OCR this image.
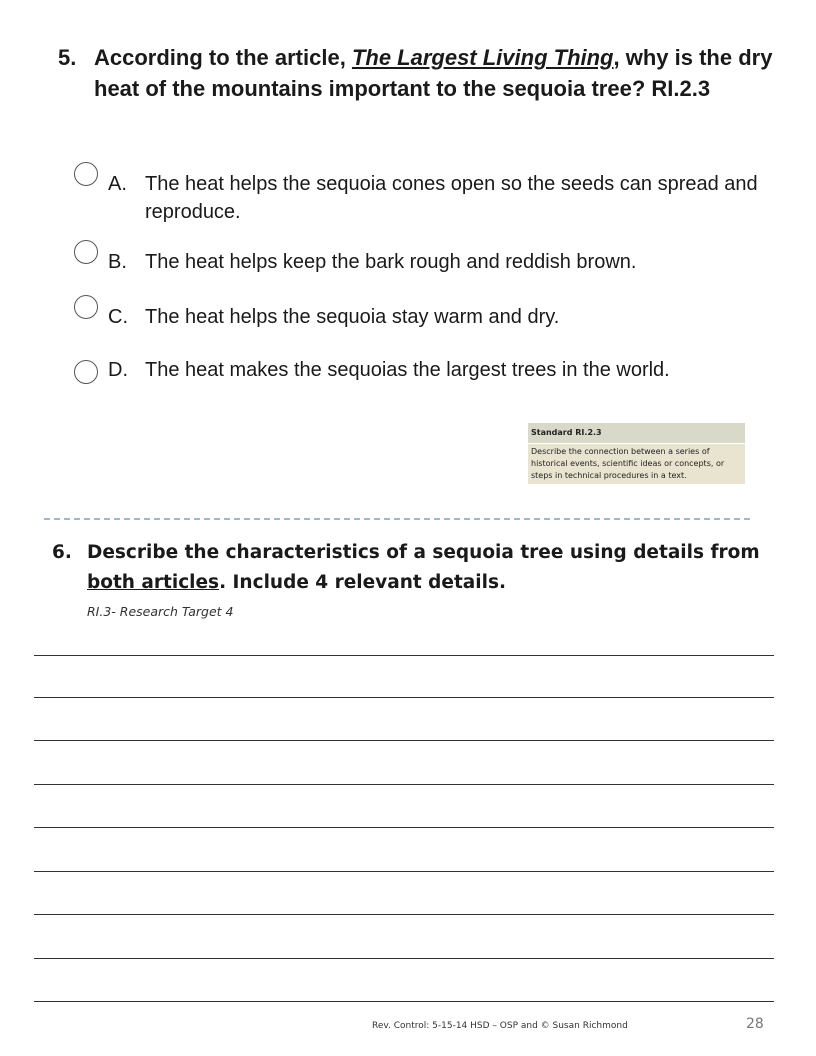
5. According to the article, The Largest Living Thing, why is the dry heat of the mountains important to the sequoia tree? RI.2.3
A. The heat helps the sequoia cones open so the seeds can spread and reproduce.
B. The heat helps keep the bark rough and reddish brown.
C. The heat helps the sequoia stay warm and dry.
D. The heat makes the sequoias the largest trees in the world.
Standard RI.2.3
Describe the connection between a series of historical events, scientific ideas or concepts, or steps in technical procedures in a text.
6. Describe the characteristics of a sequoia tree using details from both articles. Include 4 relevant details.
RI.3- Research Target 4
Rev. Control: 5-15-14 HSD – OSP and © Susan Richmond	28
